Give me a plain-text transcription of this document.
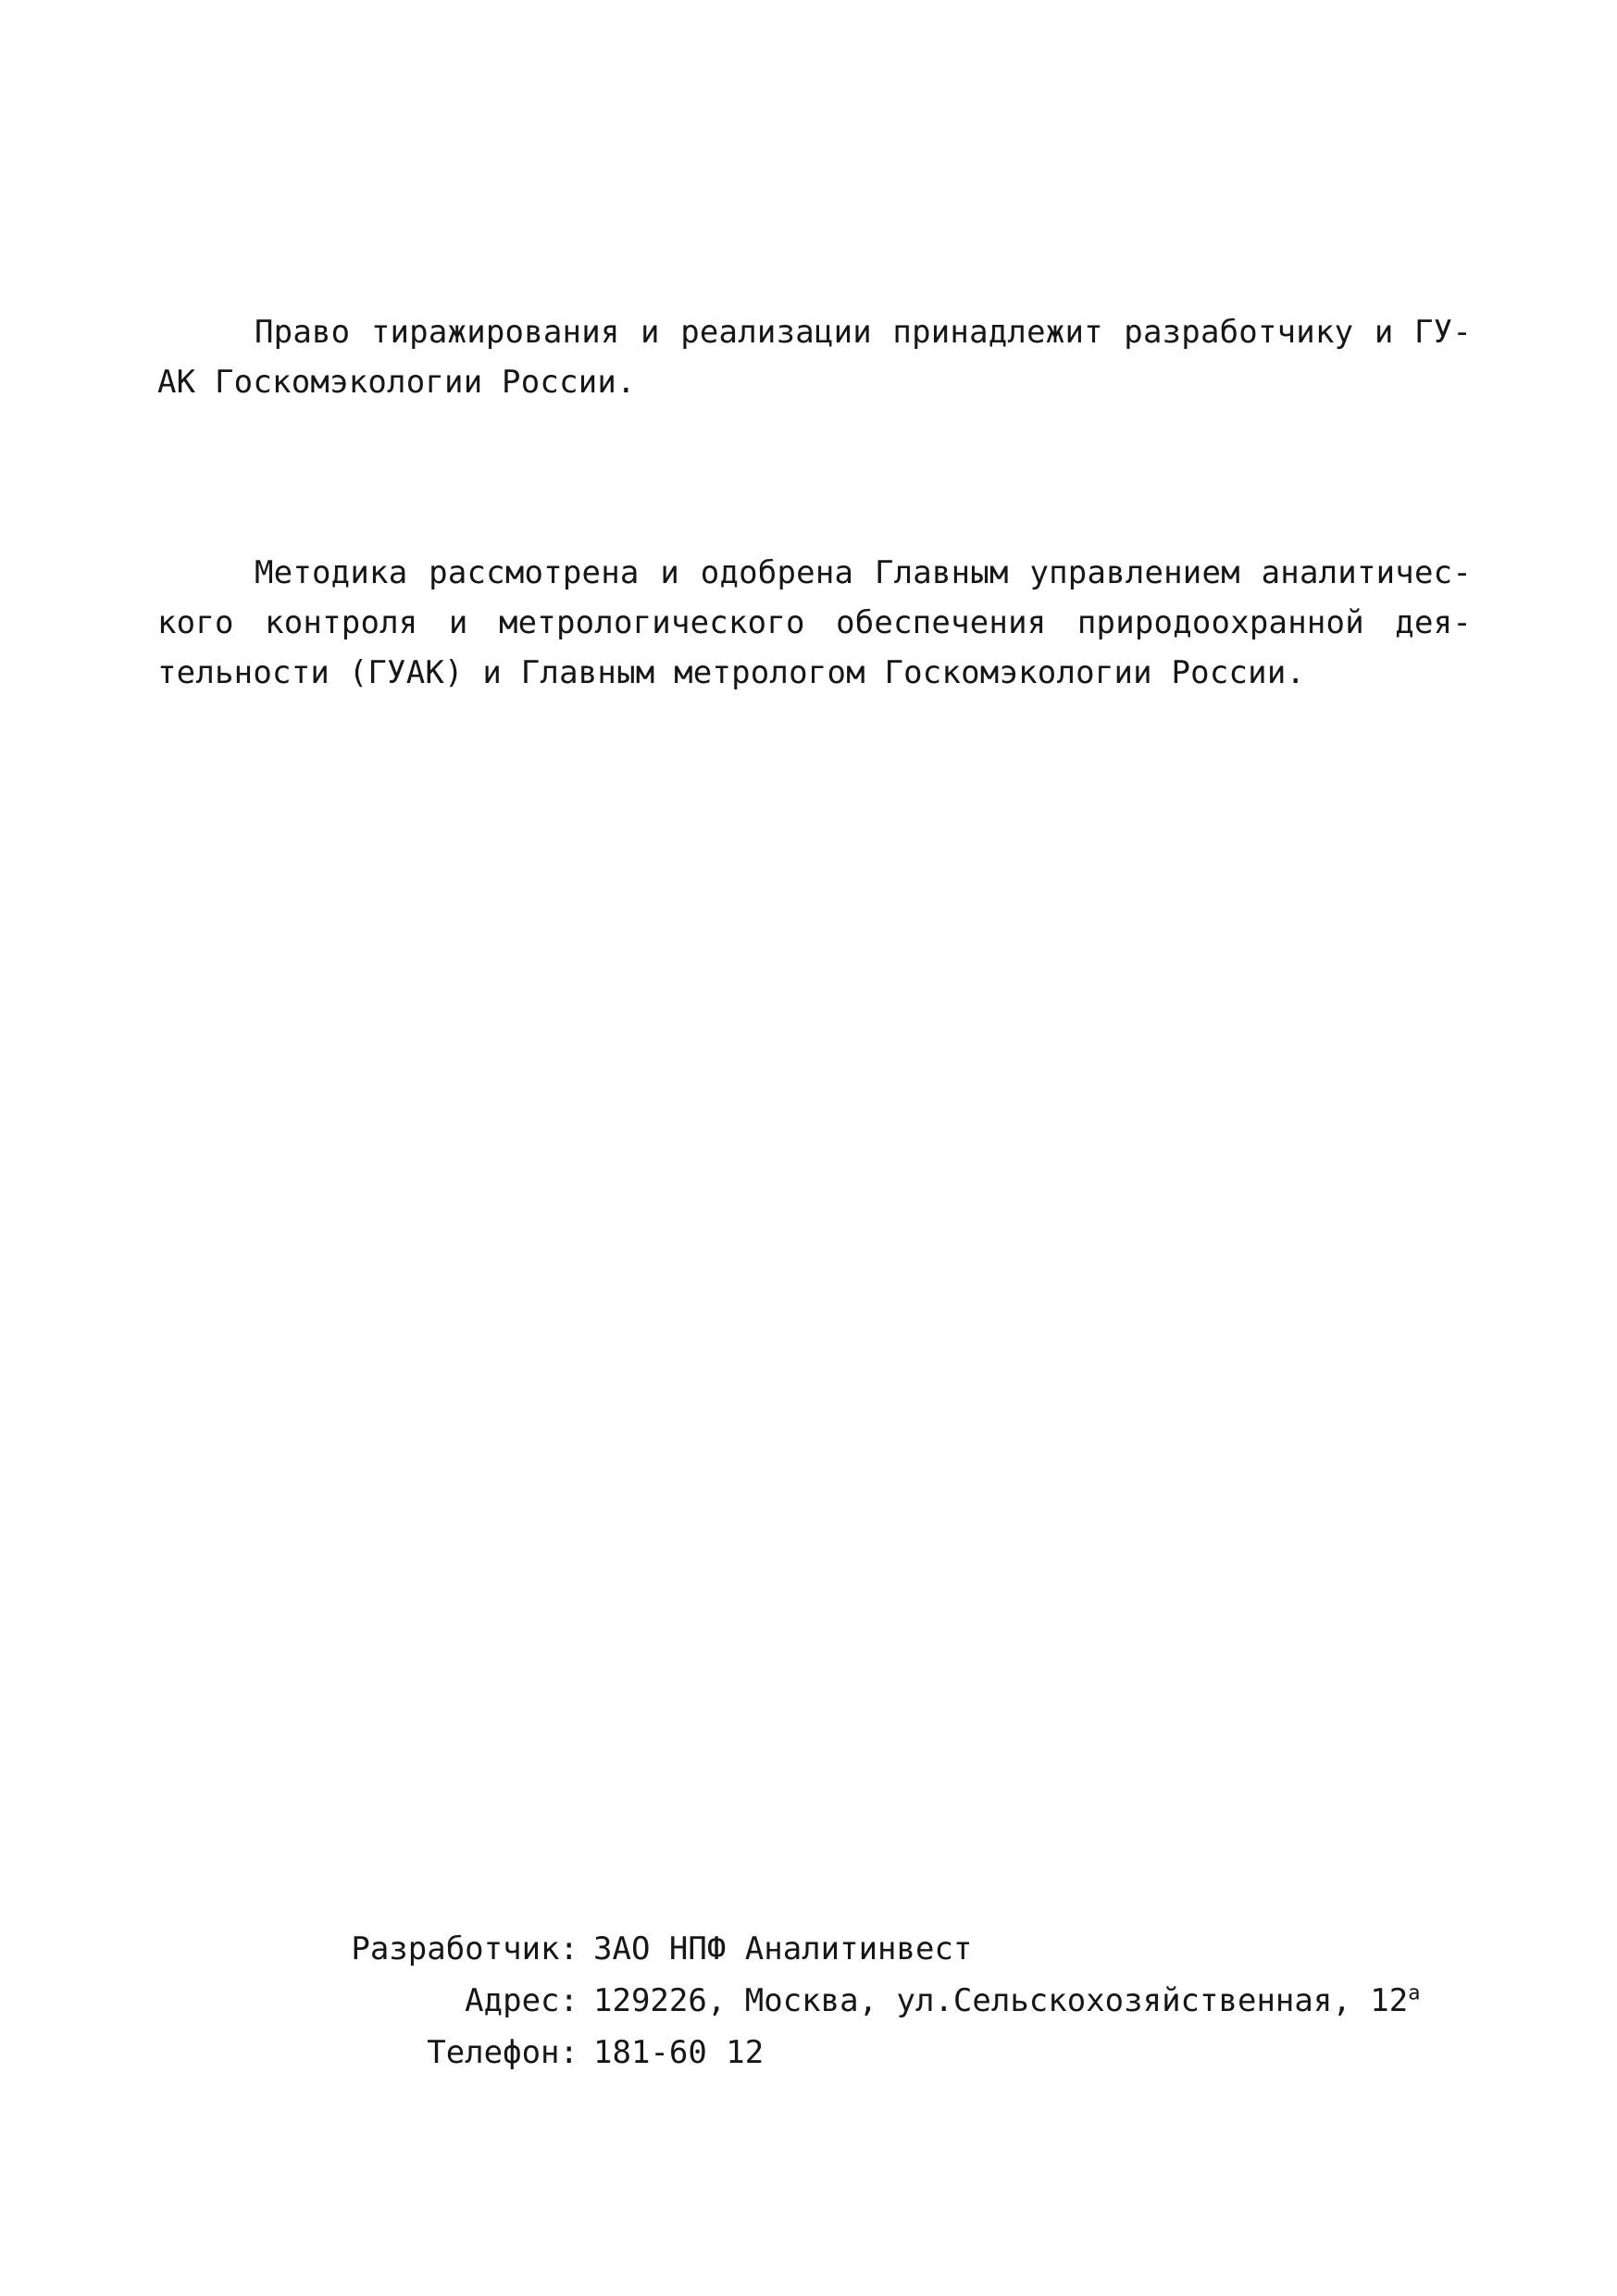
Право тиражирования и реализации принадлежит разработчику и ГУ-
АК Госкомэкологии России.
Методика рассмотрена и одобрена Главным управлением аналитичес-
кого контроля и метрологического обеспечения природоохранной дея-
тельности (ГУАК) и Главным метрологом Госкомэкологии России.
Разработчик: ЗАО НПФ Аналитинвест
Адрес: 129226, Москва, ул.Сельскохозяйственная, $12^а$
Телефон: 181-60 12
